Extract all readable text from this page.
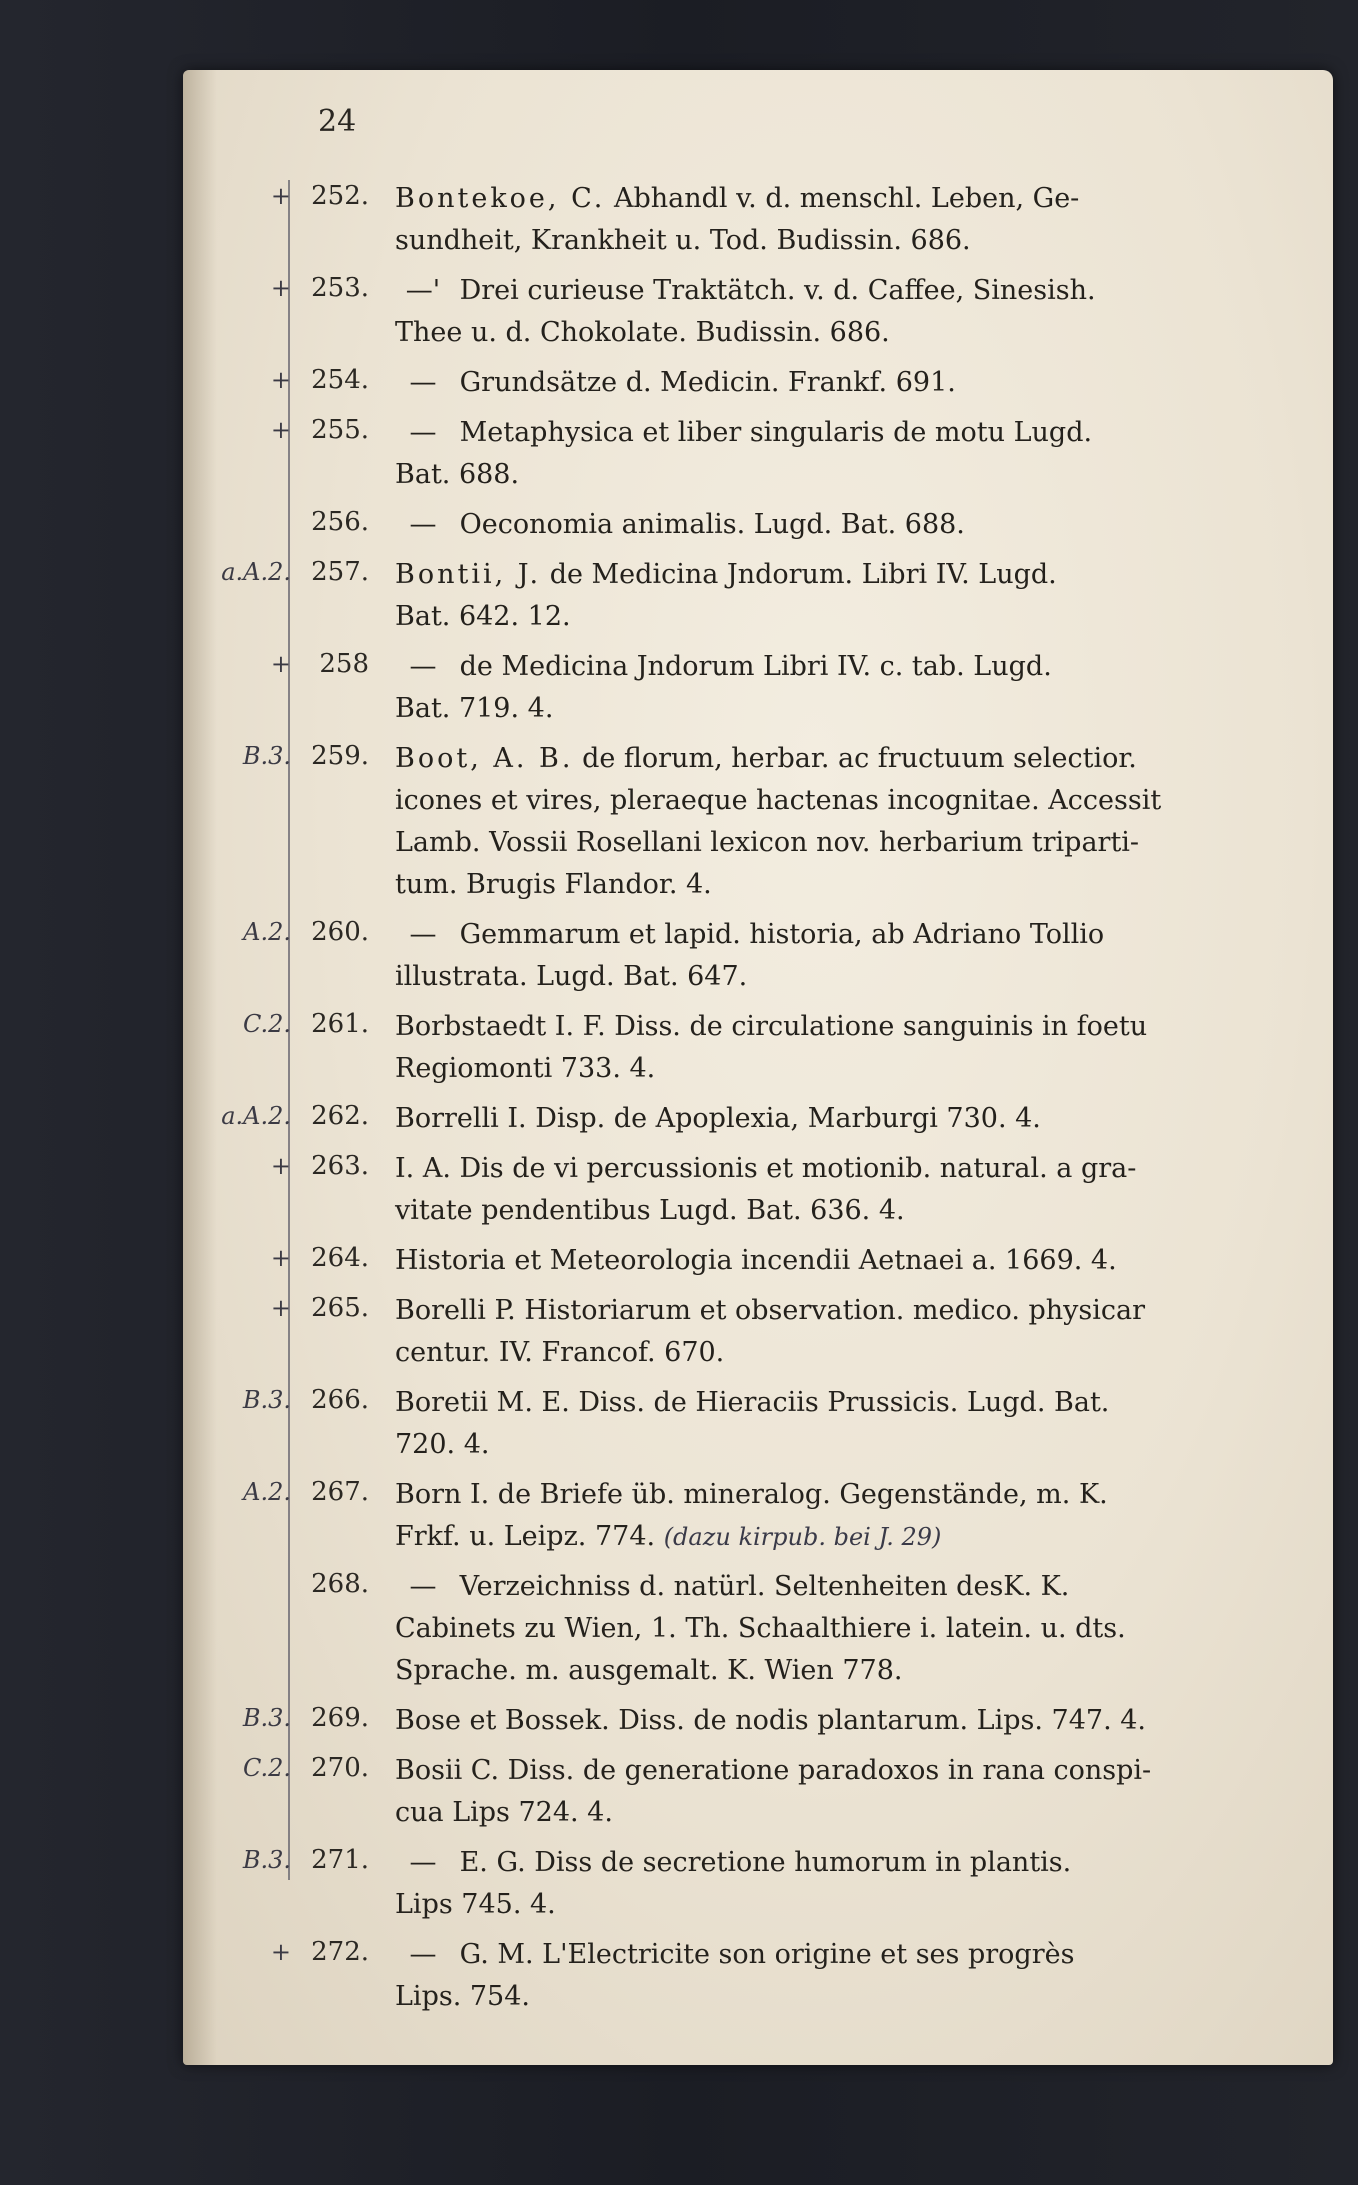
24

+ 252. Bontekoe, C. Abhandl v. d. menschl. Leben, Ge-
sundheit, Krankheit u. Tod. Budissin. 686.
+ 253.	—' Drei curieuse Traktätch. v. d. Caffee, Sinesish.
Thee u. d. Chokolate. Budissin. 686.
+ 254.	— Grundsätze d. Medicin. Frankf. 691.
+ 255.	— Metaphysica et liber singularis de motu Lugd.
Bat. 688.
256.	— Oeconomia animalis. Lugd. Bat. 688.
a.A.2. 257. Bontii, J. de Medicina Jndorum. Libri IV. Lugd.
Bat. 642. 12.
+	258	— de Medicina Jndorum Libri IV. c. tab. Lugd.
Bat. 719. 4.
B.3. 259. Boot, A. B. de florum, herbar. ac fructuum selectior.
icones et vires, pleraeque hactenas incognitae. Accessit
Lamb. Vossii Rosellani lexicon nov. herbarium triparti-
tum. Brugis Flandor. 4.
A.2. 260.	— Gemmarum et lapid. historia, ab Adriano Tollio
illustrata. Lugd. Bat. 647.
C.2. 261. Borbstaedt I. F. Diss. de circulatione sanguinis in foetu
Regiomonti 733. 4.
a.A.2. 262. Borrelli I. Disp. de Apoplexia, Marburgi 730. 4.
+ 263. I. A. Dis de vi percussionis et motionib. natural. a gra-
vitate pendentibus Lugd. Bat. 636. 4.
+ 264. Historia et Meteorologia incendii Aetnaei a. 1669. 4.
+ 265. Borelli P. Historiarum et observation. medico. physicar
centur. IV. Francof. 670.
B.3. 266. Boretii M. E. Diss. de Hieraciis Prussicis. Lugd. Bat.
720. 4.
A.2. 267. Born I. de Briefe üb. mineralog. Gegenstände, m. K.
Frkf. u. Leipz. 774. (dazu kirpub. bei J. 29)
268.	— Verzeichniss d. natürl. Seltenheiten desK. K.
Cabinets zu Wien, 1. Th. Schaalthiere i. latein. u. dts.
Sprache. m. ausgemalt. K. Wien 778.
B.3. 269. Bose et Bossek. Diss. de nodis plantarum. Lips. 747. 4.
C.2. 270. Bosii C. Diss. de generatione paradoxos in rana conspi-
cua Lips 724. 4.
B.3. 271.	— E. G. Diss de secretione humorum in plantis.
Lips 745. 4.
+ 272.	— G. M. L'Electricite son origine et ses progrès
Lips. 754.
